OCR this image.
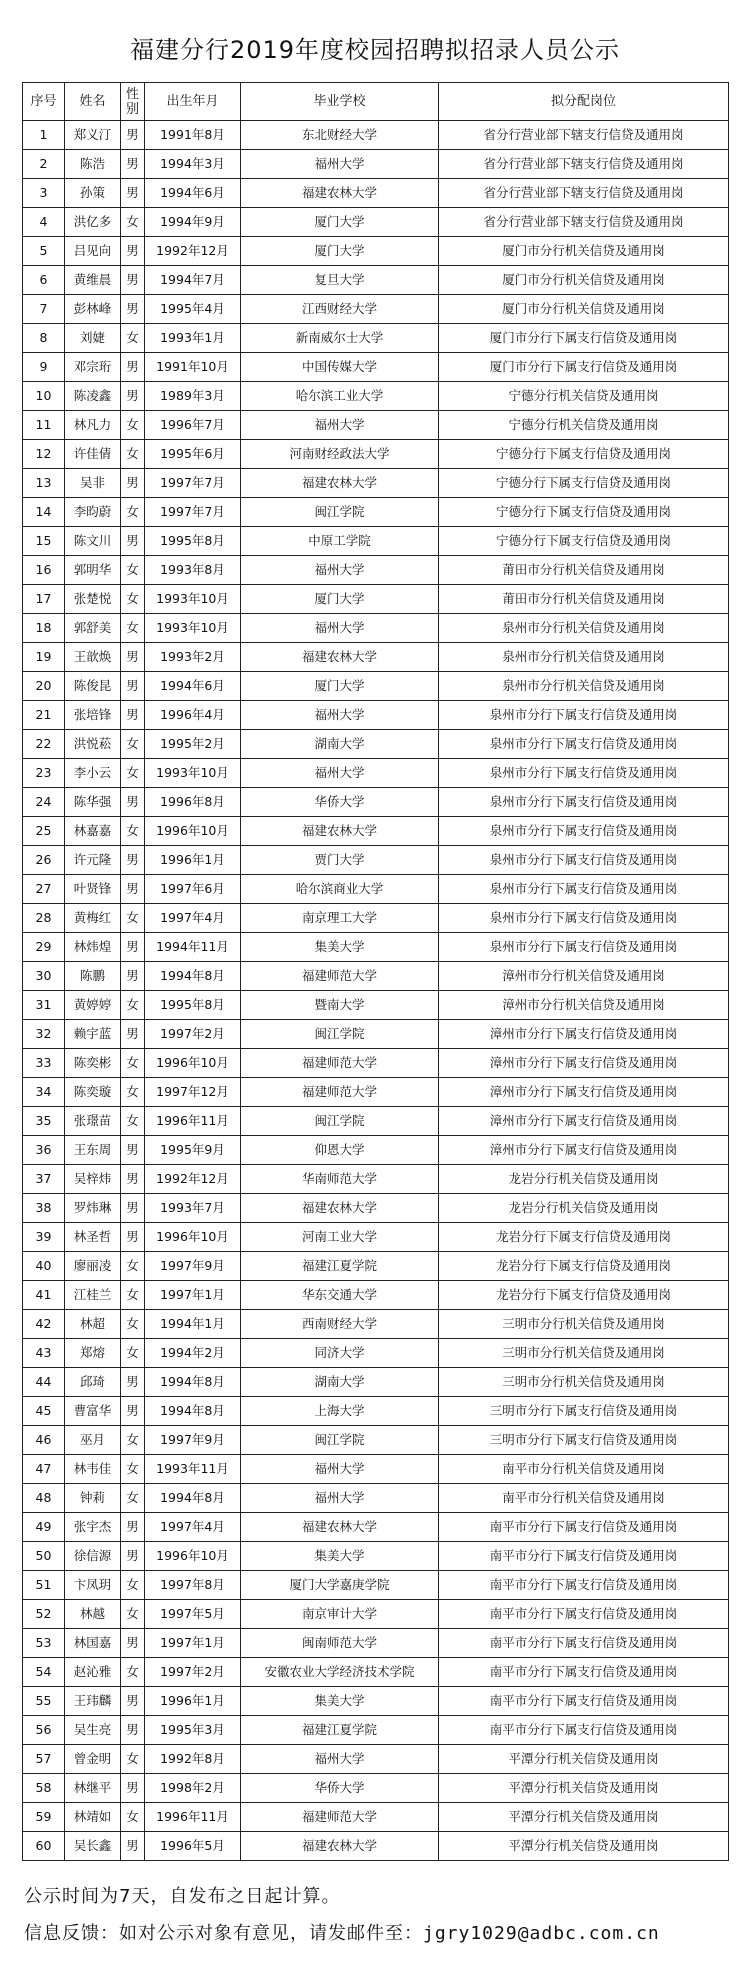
福建分行2019年度校园招聘拟招录人员公示
序号	姓名	性别	出生年月	毕业学校	拟分配岗位
1	郑义汀	男	1991年8月	东北财经大学	省分行营业部下辖支行信贷及通用岗
2	陈浩	男	1994年3月	福州大学	省分行营业部下辖支行信贷及通用岗
3	孙策	男	1994年6月	福建农林大学	省分行营业部下辖支行信贷及通用岗
4	洪亿多	女	1994年9月	厦门大学	省分行营业部下辖支行信贷及通用岗
5	吕见向	男	1992年12月	厦门大学	厦门市分行机关信贷及通用岗
6	黄维晨	男	1994年7月	复旦大学	厦门市分行机关信贷及通用岗
7	彭林峰	男	1995年4月	江西财经大学	厦门市分行机关信贷及通用岗
8	刘婕	女	1993年1月	新南威尔士大学	厦门市分行下属支行信贷及通用岗
9	邓宗珩	男	1991年10月	中国传媒大学	厦门市分行下属支行信贷及通用岗
10	陈凌鑫	男	1989年3月	哈尔滨工业大学	宁德分行机关信贷及通用岗
11	林凡力	女	1996年7月	福州大学	宁德分行机关信贷及通用岗
12	许佳倩	女	1995年6月	河南财经政法大学	宁德分行下属支行信贷及通用岗
13	吴非	男	1997年7月	福建农林大学	宁德分行下属支行信贷及通用岗
14	李昀蔚	女	1997年7月	闽江学院	宁德分行下属支行信贷及通用岗
15	陈文川	男	1995年8月	中原工学院	宁德分行下属支行信贷及通用岗
16	郭明华	女	1993年8月	福州大学	莆田市分行机关信贷及通用岗
17	张楚悦	女	1993年10月	厦门大学	莆田市分行机关信贷及通用岗
18	郭舒美	女	1993年10月	福州大学	泉州市分行机关信贷及通用岗
19	王歆焕	男	1993年2月	福建农林大学	泉州市分行机关信贷及通用岗
20	陈俊昆	男	1994年6月	厦门大学	泉州市分行机关信贷及通用岗
21	张培锋	男	1996年4月	福州大学	泉州市分行下属支行信贷及通用岗
22	洪悦菘	女	1995年2月	湖南大学	泉州市分行下属支行信贷及通用岗
23	李小云	女	1993年10月	福州大学	泉州市分行下属支行信贷及通用岗
24	陈华强	男	1996年8月	华侨大学	泉州市分行下属支行信贷及通用岗
25	林嘉嘉	女	1996年10月	福建农林大学	泉州市分行下属支行信贷及通用岗
26	许元隆	男	1996年1月	贾门大学	泉州市分行下属支行信贷及通用岗
27	叶贤锋	男	1997年6月	哈尔滨商业大学	泉州市分行下属支行信贷及通用岗
28	黄梅红	女	1997年4月	南京理工大学	泉州市分行下属支行信贷及通用岗
29	林炜煌	男	1994年11月	集美大学	泉州市分行下属支行信贷及通用岗
30	陈鹏	男	1994年8月	福建师范大学	漳州市分行机关信贷及通用岗
31	黄婷婷	女	1995年8月	暨南大学	漳州市分行机关信贷及通用岗
32	赖宇蓝	男	1997年2月	闽江学院	漳州市分行下属支行信贷及通用岗
33	陈奕彬	女	1996年10月	福建师范大学	漳州市分行下属支行信贷及通用岗
34	陈奕璇	女	1997年12月	福建师范大学	漳州市分行下属支行信贷及通用岗
35	张璟苗	女	1996年11月	闽江学院	漳州市分行下属支行信贷及通用岗
36	王东周	男	1995年9月	仰恩大学	漳州市分行下属支行信贷及通用岗
37	吴梓炜	男	1992年12月	华南师范大学	龙岩分行机关信贷及通用岗
38	罗炜琳	男	1993年7月	福建农林大学	龙岩分行机关信贷及通用岗
39	林圣哲	男	1996年10月	河南工业大学	龙岩分行下属支行信贷及通用岗
40	廖丽凌	女	1997年9月	福建江夏学院	龙岩分行下属支行信贷及通用岗
41	江桂兰	女	1997年1月	华东交通大学	龙岩分行下属支行信贷及通用岗
42	林超	女	1994年1月	西南财经大学	三明市分行机关信贷及通用岗
43	郑熔	女	1994年2月	同济大学	三明市分行机关信贷及通用岗
44	邱琦	男	1994年8月	湖南大学	三明市分行机关信贷及通用岗
45	曹富华	男	1994年8月	上海大学	三明市分行下属支行信贷及通用岗
46	巫月	女	1997年9月	闽江学院	三明市分行下属支行信贷及通用岗
47	林韦佳	女	1993年11月	福州大学	南平市分行机关信贷及通用岗
48	钟莉	女	1994年8月	福州大学	南平市分行机关信贷及通用岗
49	张宇杰	男	1997年4月	福建农林大学	南平市分行下属支行信贷及通用岗
50	徐信源	男	1996年10月	集美大学	南平市分行下属支行信贷及通用岗
51	卞凤玥	女	1997年8月	厦门大学嘉庚学院	南平市分行下属支行信贷及通用岗
52	林越	女	1997年5月	南京审计大学	南平市分行下属支行信贷及通用岗
53	林国嘉	男	1997年1月	闽南师范大学	南平市分行下属支行信贷及通用岗
54	赵沁雅	女	1997年2月	安徽农业大学经济技术学院	南平市分行下属支行信贷及通用岗
55	王玮麟	男	1996年1月	集美大学	南平市分行下属支行信贷及通用岗
56	吴生亮	男	1995年3月	福建江夏学院	南平市分行下属支行信贷及通用岗
57	曾金明	女	1992年8月	福州大学	平潭分行机关信贷及通用岗
58	林继平	男	1998年2月	华侨大学	平潭分行机关信贷及通用岗
59	林靖如	女	1996年11月	福建师范大学	平潭分行机关信贷及通用岗
60	吴长鑫	男	1996年5月	福建农林大学	平潭分行机关信贷及通用岗
公示时间为7天，自发布之日起计算。
信息反馈：如对公示对象有意见，请发邮件至：jgry1029@adbc.com.cn
